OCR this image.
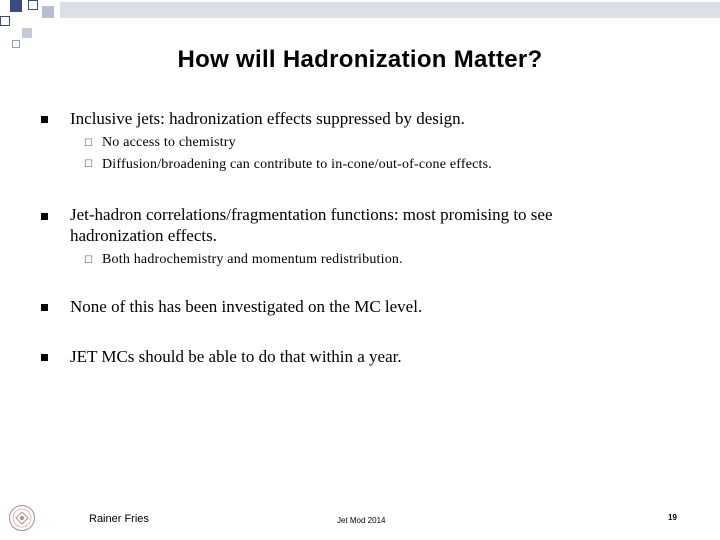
How will Hadronization Matter?
Inclusive jets: hadronization effects suppressed by design.
☐ No access to chemistry
☐ Diffusion/broadening can contribute to in-cone/out-of-cone effects.
Jet-hadron correlations/fragmentation functions: most promising to see
hadronization effects.
☐ Both hadrochemistry and momentum redistribution.
None of this has been investigated on the MC level.
JET MCs should be able to do that within a year.
Rainer Fries	Jet Mod 2014	19
